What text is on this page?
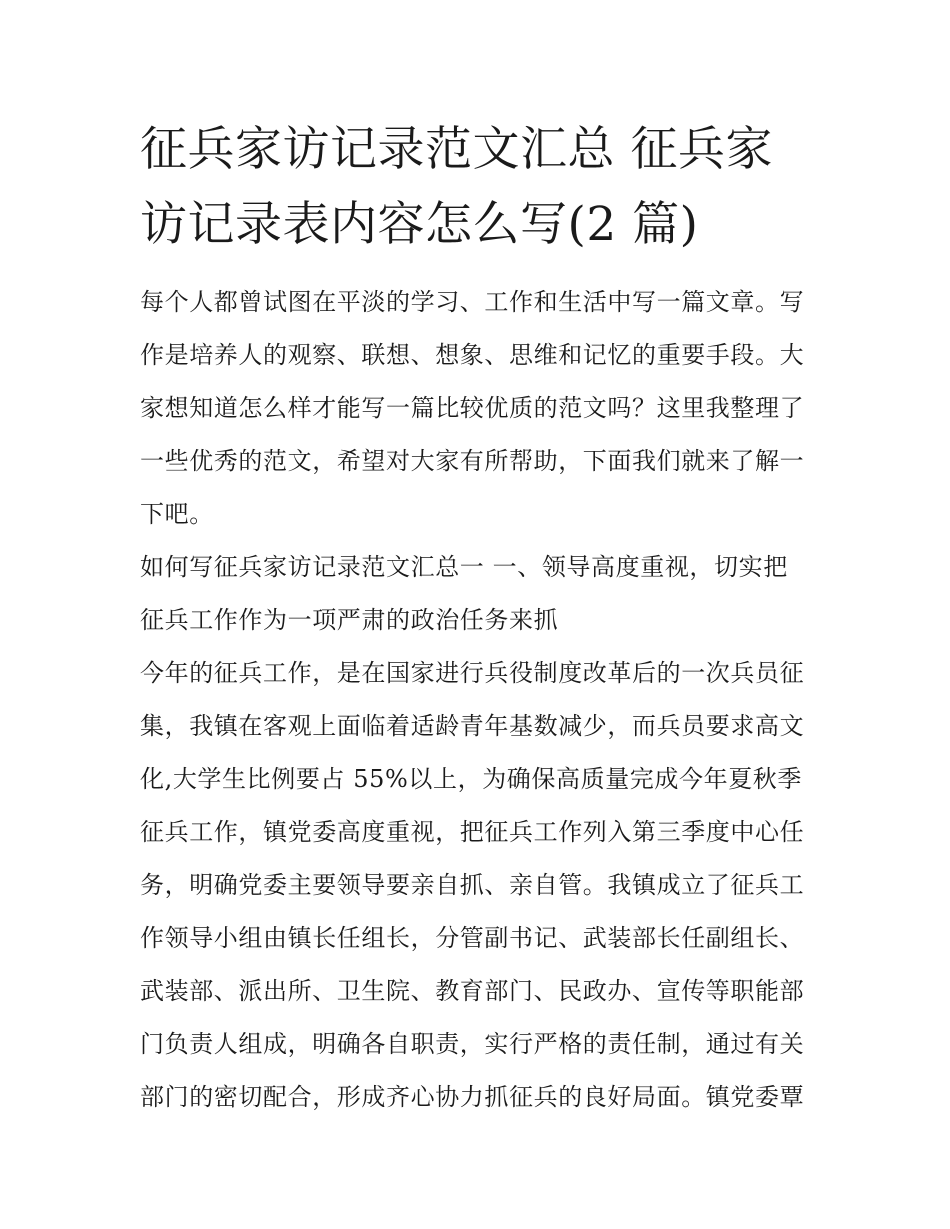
征兵家访记录范文汇总 征兵家
访记录表内容怎么写(2 篇)
每个人都曾试图在平淡的学习、工作和生活中写一篇文章。写
作是培养人的观察、联想、想象、思维和记忆的重要手段。大
家想知道怎么样才能写一篇比较优质的范文吗？这里我整理了
一些优秀的范文，希望对大家有所帮助，下面我们就来了解一
下吧。
如何写征兵家访记录范文汇总一 一、领导高度重视，切实把
征兵工作作为一项严肃的政治任务来抓
今年的征兵工作，是在国家进行兵役制度改革后的一次兵员征
集，我镇在客观上面临着适龄青年基数减少，而兵员要求高文
化,大学生比例要占 55%以上，为确保高质量完成今年夏秋季
征兵工作，镇党委高度重视，把征兵工作列入第三季度中心任
务，明确党委主要领导要亲自抓、亲自管。我镇成立了征兵工
作领导小组由镇长任组长，分管副书记、武装部长任副组长、
武装部、派出所、卫生院、教育部门、民政办、宣传等职能部
门负责人组成，明确各自职责，实行严格的责任制，通过有关
部门的密切配合，形成齐心协力抓征兵的良好局面。镇党委覃
